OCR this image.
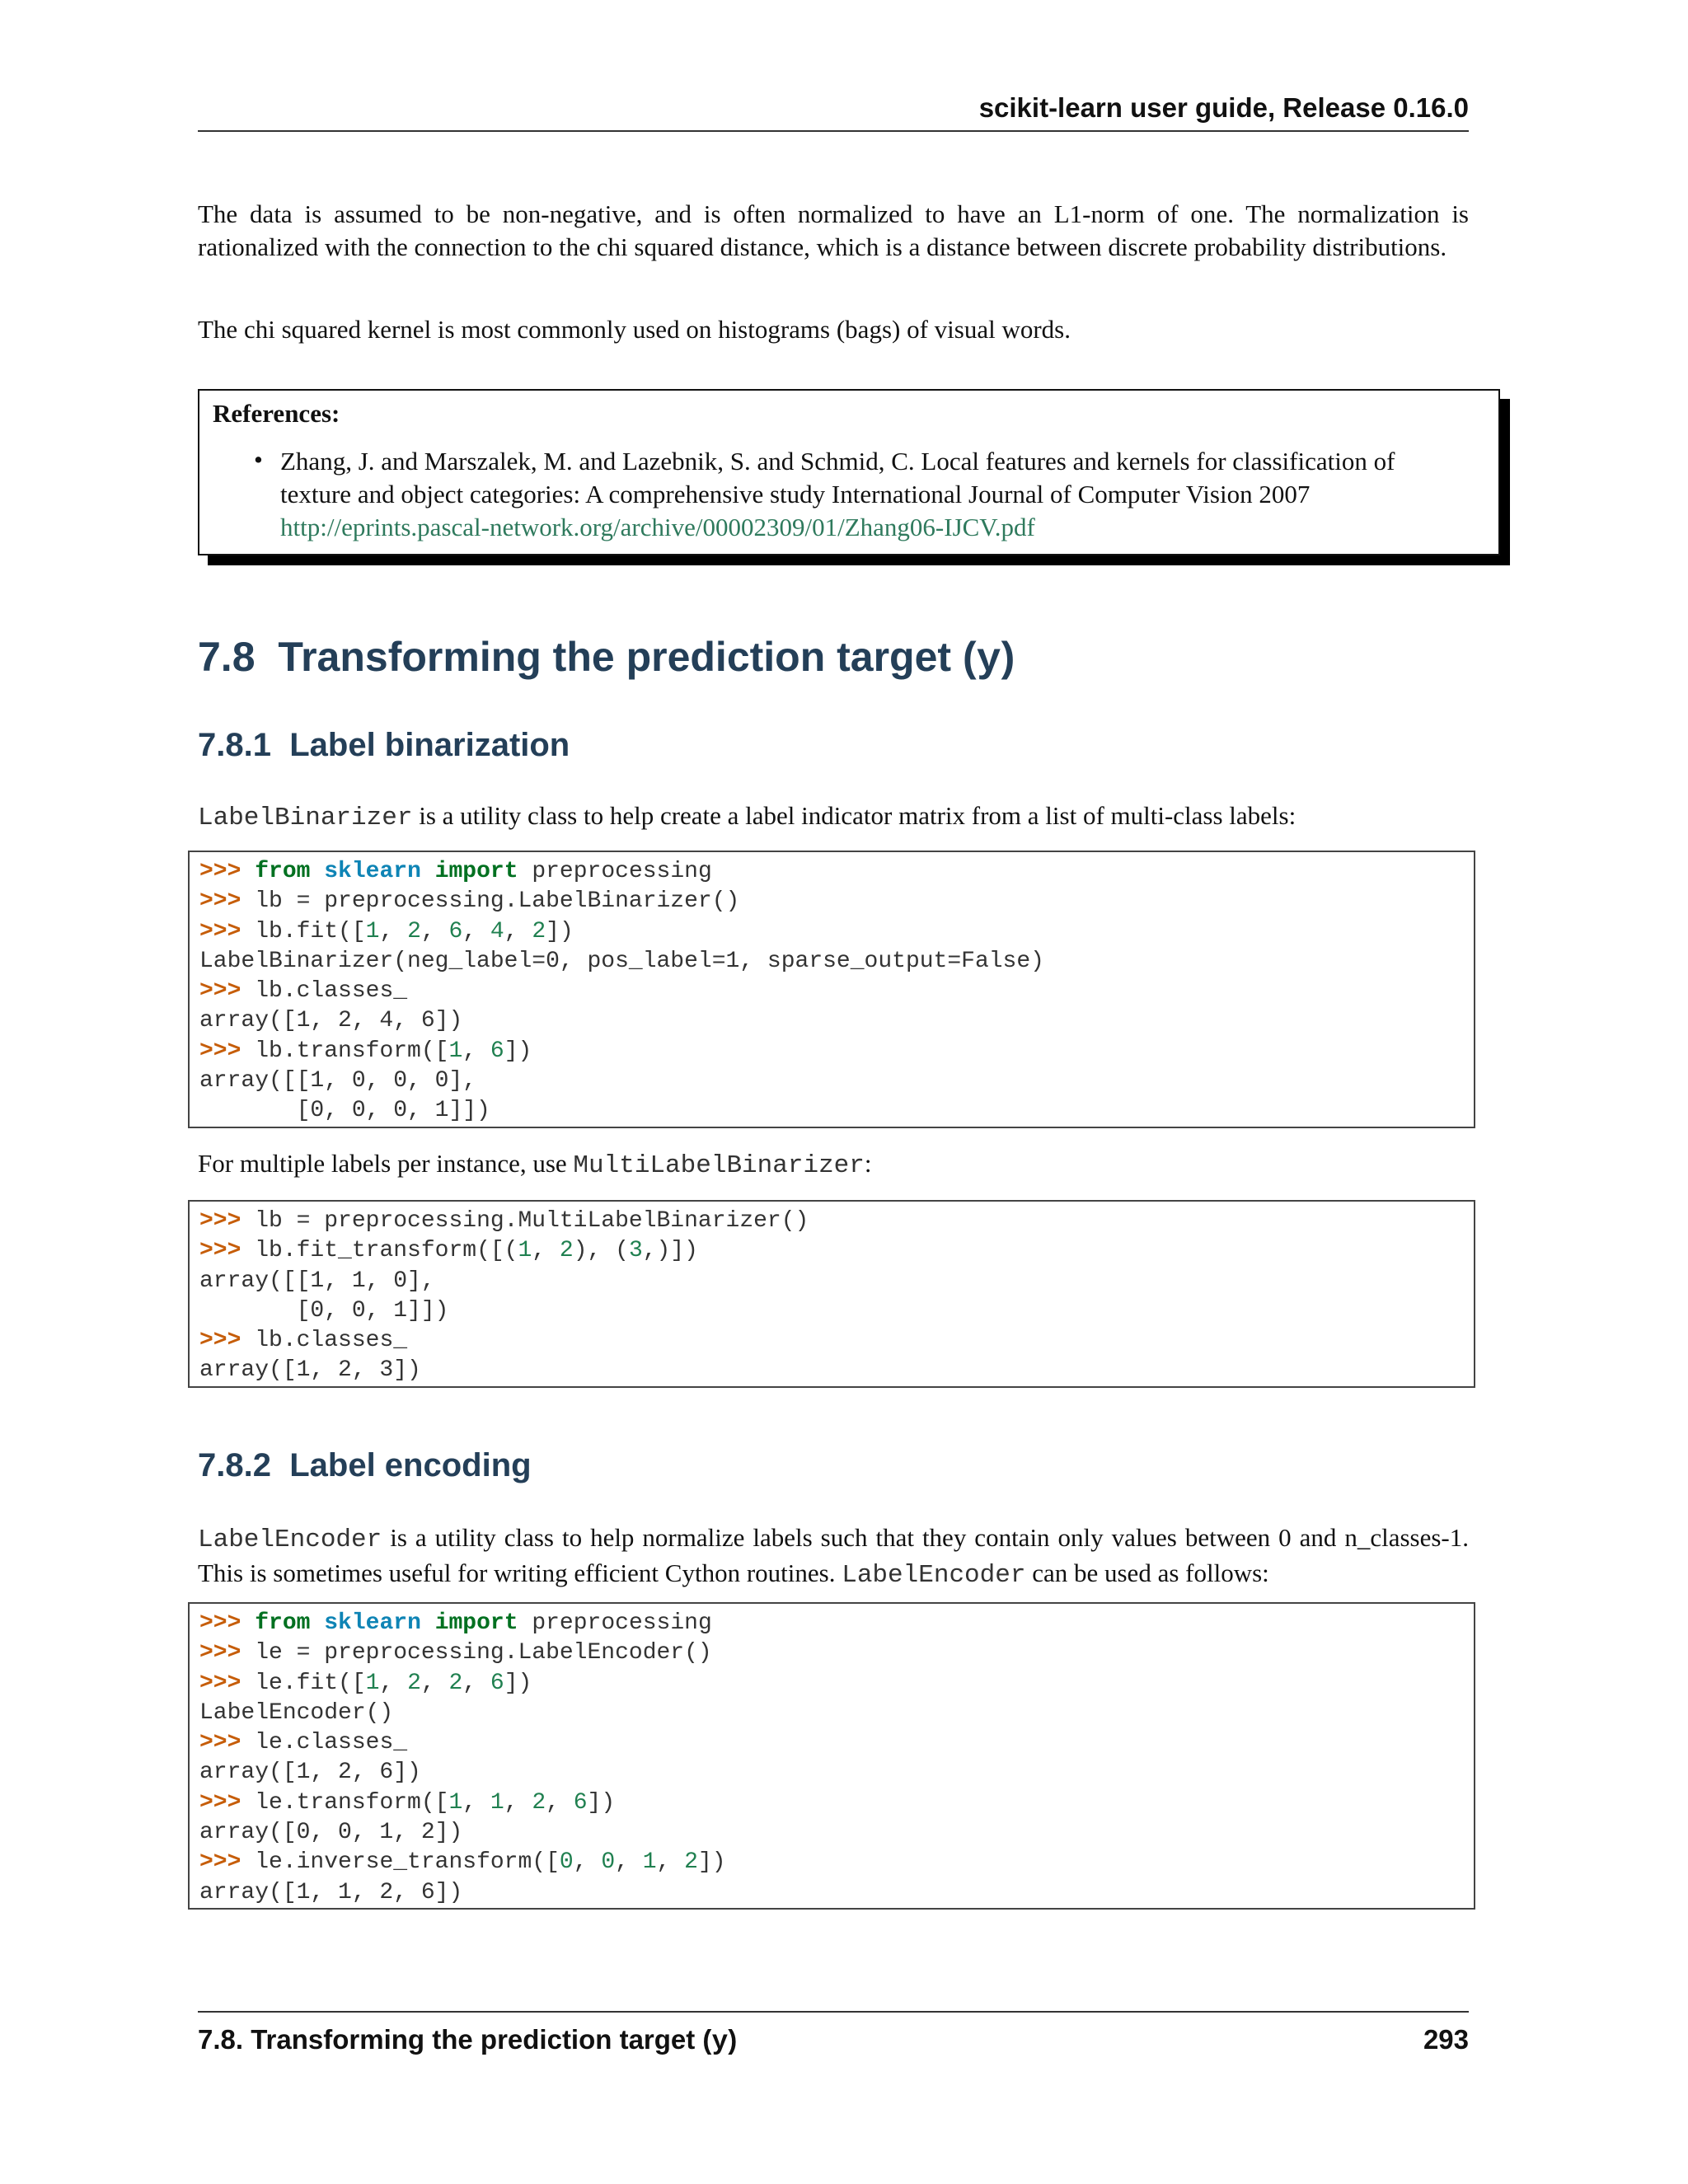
scikit-learn user guide, Release 0.16.0

The data is assumed to be non-negative, and is often normalized to have an L1-norm of one. The normalization is rationalized with the connection to the chi squared distance, which is a distance between discrete probability distributions.

The chi squared kernel is most commonly used on histograms (bags) of visual words.

References:
• Zhang, J. and Marszalek, M. and Lazebnik, S. and Schmid, C. Local features and kernels for classification of texture and object categories: A comprehensive study International Journal of Computer Vision 2007
http://eprints.pascal-network.org/archive/00002309/01/Zhang06-IJCV.pdf
7.8 Transforming the prediction target (y)
7.8.1 Label binarization

LabelBinarizer is a utility class to help create a label indicator matrix from a list of multi-class labels:

>>> from sklearn import preprocessing
>>> lb = preprocessing.LabelBinarizer()
>>> lb.fit([1, 2, 6, 4, 2])
LabelBinarizer(neg_label=0, pos_label=1, sparse_output=False)
>>> lb.classes_
array([1, 2, 4, 6])
>>> lb.transform([1, 6])
array([[1, 0, 0, 0],
[0, 0, 0, 1]])

For multiple labels per instance, use MultiLabelBinarizer:

>>> lb = preprocessing.MultiLabelBinarizer()
>>> lb.fit_transform([(1, 2), (3,)])
array([[1, 1, 0],
[0, 0, 1]])
>>> lb.classes_
array([1, 2, 3])
7.8.2 Label encoding

LabelEncoder is a utility class to help normalize labels such that they contain only values between 0 and n_classes-1. This is sometimes useful for writing efficient Cython routines. LabelEncoder can be used as follows:

>>> from sklearn import preprocessing
>>> le = preprocessing.LabelEncoder()
>>> le.fit([1, 2, 2, 6])
LabelEncoder()
>>> le.classes_
array([1, 2, 6])
>>> le.transform([1, 1, 2, 6])
array([0, 0, 1, 2])
>>> le.inverse_transform([0, 0, 1, 2])
array([1, 1, 2, 6])
7.8. Transforming the prediction target (y)	293
